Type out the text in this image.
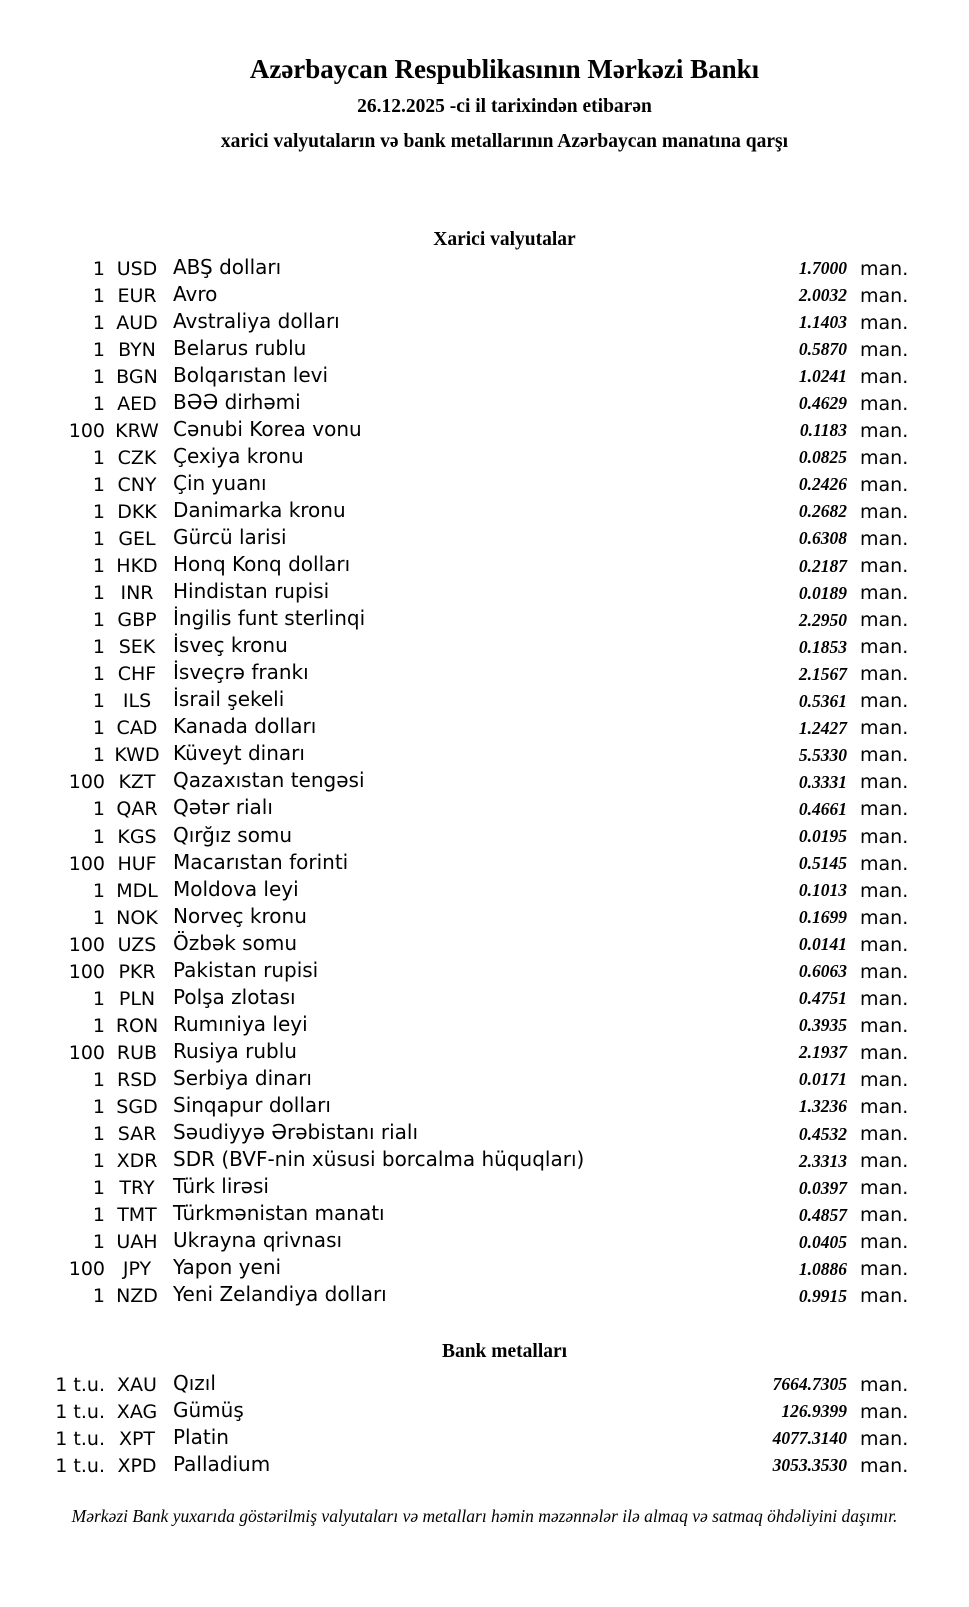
Azərbaycan Respublikasının Mərkəzi Bankı
26.12.2025 -ci il tarixindən etibarən
xarici valyutaların və bank metallarının Azərbaycan manatına qarşı
Xarici valyutalar
1 USD ABŞ dolları	1.7000 man.
1 EUR Avro	2.0032 man.
1 AUD Avstraliya dolları	1.1403 man.
1 BYN Belarus rublu	0.5870 man.
1 BGN Bolqarıstan levi	1.0241 man.
1 AED BƏƏ dirhəmi	0.4629 man.
100 KRW Cənubi Korea vonu	0.1183 man.
1 CZK Çexiya kronu	0.0825 man.
1 CNY Çin yuanı	0.2426 man.
1 DKK Danimarka kronu	0.2682 man.
1 GEL Gürcü larisi	0.6308 man.
1 HKD Honq Konq dolları	0.2187 man.
1 INR Hindistan rupisi	0.0189 man.
1 GBP İngilis funt sterlinqi	2.2950 man.
1 SEK İsveç kronu	0.1853 man.
1 CHF İsveçrə frankı	2.1567 man.
1 ILS	İsrail şekeli	0.5361 man.
1 CAD Kanada dolları	1.2427 man.
1 KWD Küveyt dinarı	5.5330 man.
100 KZT Qazaxıstan tengəsi	0.3331 man.
1 QAR Qətər rialı	0.4661 man.
1 KGS Qırğız somu	0.0195 man.
100 HUF Macarıstan forinti	0.5145 man.
1 MDL Moldova leyi	0.1013 man.
1 NOK Norveç kronu	0.1699 man.
100 UZS Özbək somu	0.0141 man.
100 PKR Pakistan rupisi	0.6063 man.
1 PLN Polşa zlotası	0.4751 man.
1 RON Rumıniya leyi	0.3935 man.
100 RUB Rusiya rublu	2.1937 man.
1 RSD Serbiya dinarı	0.0171 man.
1 SGD Sinqapur dolları	1.3236 man.
1 SAR Səudiyyə Ərəbistanı rialı	0.4532 man.
1 XDR SDR (BVF-nin xüsusi borcalma hüquqları)	2.3313 man.
1 TRY Türk lirəsi	0.0397 man.
1 TMT Türkmənistan manatı	0.4857 man.
1 UAH Ukrayna qrivnası	0.0405 man.
100 JPY	Yapon yeni	1.0886 man.
1 NZD Yeni Zelandiya dolları	0.9915 man.
Bank metalları
1 t.u. XAU Qızıl	7664.7305 man.
1 t.u. XAG Gümüş	126.9399 man.
1 t.u. XPT Platin	4077.3140 man.
1 t.u. XPD Palladium	3053.3530 man.
Mərkəzi Bank yuxarıda göstərilmiş valyutaları və metalları həmin məzənnələr ilə almaq və satmaq öhdəliyini daşımır.
